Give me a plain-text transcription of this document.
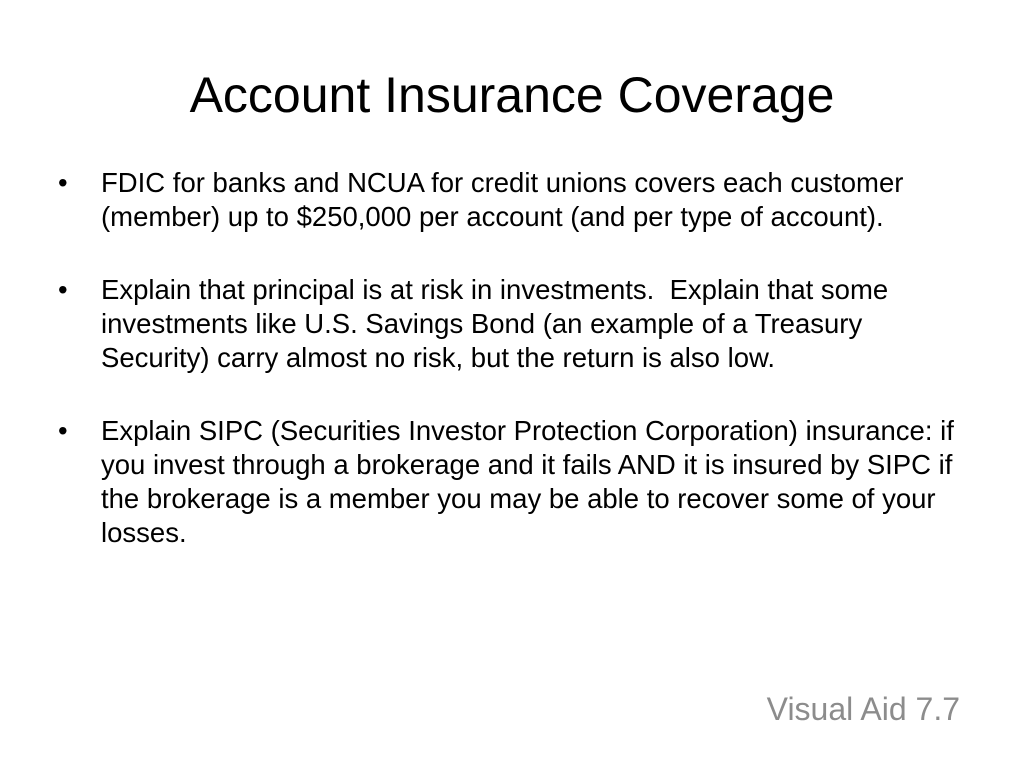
Account Insurance Coverage
•	FDIC for banks and NCUA for credit unions covers each customer (member) up to $250,000 per account (and per type of account).
•	Explain that principal is at risk in investments.  Explain that some investments like U.S. Savings Bond (an example of a Treasury Security) carry almost no risk, but the return is also low.
•	Explain SIPC (Securities Investor Protection Corporation) insurance: if you invest through a brokerage and it fails AND it is insured by SIPC if the brokerage is a member you may be able to recover some of your losses.
Visual Aid 7.7
